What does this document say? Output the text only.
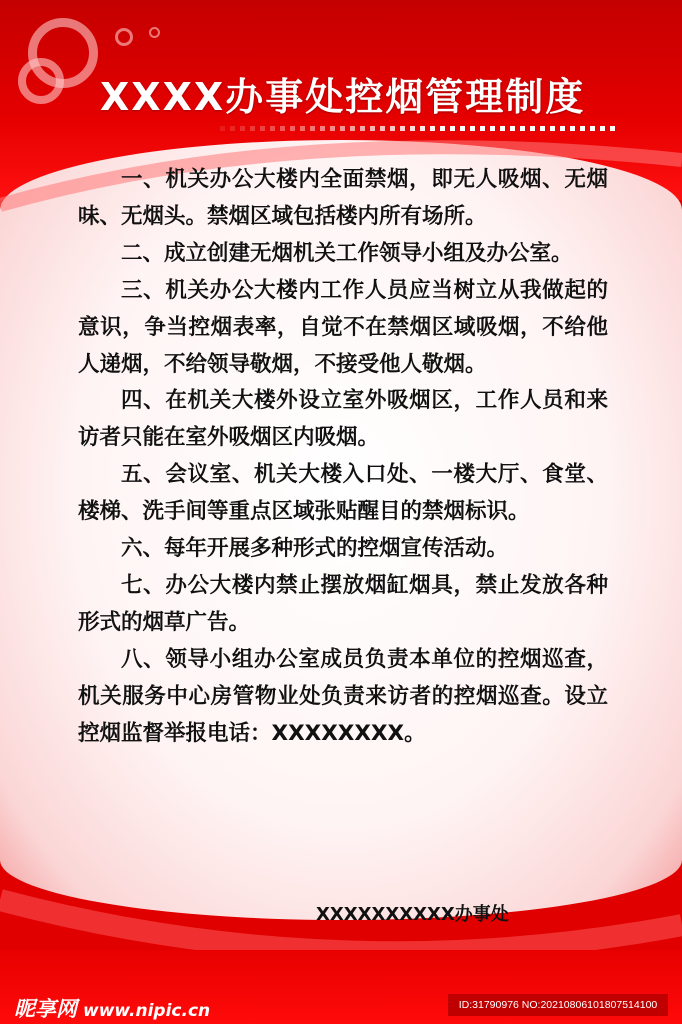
XXXX办事处控烟管理制度

一、机关办公大楼内全面禁烟，即无人吸烟、无烟味、无烟头。禁烟区域包括楼内所有场所。

二、成立创建无烟机关工作领导小组及办公室。

三、机关办公大楼内工作人员应当树立从我做起的意识，争当控烟表率，自觉不在禁烟区域吸烟，不给他人递烟，不给领导敬烟，不接受他人敬烟。

四、在机关大楼外设立室外吸烟区，工作人员和来访者只能在室外吸烟区内吸烟。

五、会议室、机关大楼入口处、一楼大厅、食堂、楼梯、洗手间等重点区域张贴醒目的禁烟标识。

六、每年开展多种形式的控烟宣传活动。

七、办公大楼内禁止摆放烟缸烟具，禁止发放各种形式的烟草广告。

八、领导小组办公室成员负责本单位的控烟巡查，机关服务中心房管物业处负责来访者的控烟巡查。设立控烟监督举报电话：XXXXXXXX。

XXXXXXXXXX办事处
昵享网 www.nipic.cn	ID:31790976 NO:20210806101807514100
